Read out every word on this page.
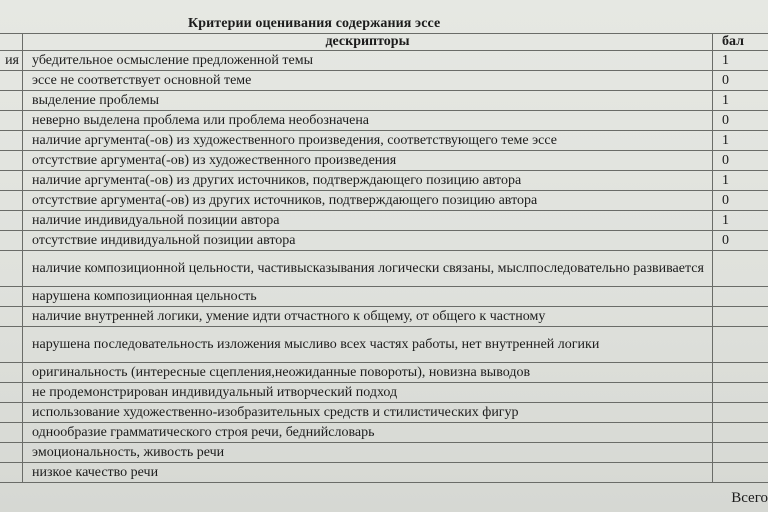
Критерии оценивания содержания эссе
	дескрипторы	бал
ия	убедительное осмысление предложенной темы	1
	эссе не соответствует основной теме	0
	выделение проблемы	1
	неверно выделена проблема или проблема необозначена	0
	наличие аргумента(-ов) из художественного произведения, соответствующего теме эссе	1
	отсутствие аргумента(-ов) из художественного произведения	0
	наличие аргумента(-ов) из других источников, подтверждающего позицию автора	1
	отсутствие аргумента(-ов) из других источников, подтверждающего позицию автора	0
	наличие индивидуальной позиции автора	1
	отсутствие индивидуальной позиции автора	0
	наличие композиционной цельности, частивысказывания логически связаны, мыслпоследовательно развивается	
	нарушена композиционная цельность	
	наличие внутренней логики, умение идти отчастного к общему, от общего к частному	
	нарушена последовательность изложения мысливо всех частях работы, нет внутренней логики	
	оригинальность (интересные сцепления,неожиданные повороты), новизна выводов	
	не продемонстрирован индивидуальный итворческий подход	
	использование художественно-изобразительных средств и стилистических фигур	
	однообразие грамматического строя речи, беднийсловарь	
	эмоциональность, живость речи	
	низкое качество речи	
Всего
